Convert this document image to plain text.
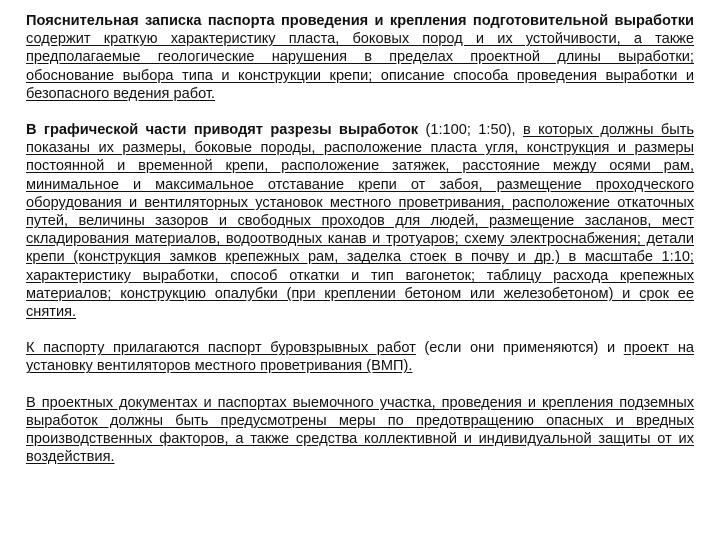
Пояснительная записка паспорта проведения и крепления подготовительной выработки содержит краткую характеристику пласта, боковых пород и их устойчивости, а также предполагаемые геологические нарушения в пределах проектной длины выработки; обоснование выбора типа и конструкции крепи; описание способа проведения выработки и безопасного ведения работ.

В графической части приводят разрезы выработок (1:100; 1:50), в которых должны быть показаны их размеры, боковые породы, расположение пласта угля, конструкция и размеры постоянной и временной крепи, расположение затяжек, расстояние между осями рам, минимальное и максимальное отставание крепи от забоя, размещение проходческого оборудования и вентиляторных установок местного проветривания, расположение откаточных путей, величины зазоров и свободных проходов для людей, размещение засланов, мест складирования материалов, водоотводных канав и тротуаров; схему электроснабжения; детали крепи (конструкция замков крепежных рам, заделка стоек в почву и др.) в масштабе 1:10; характеристику выработки, способ откатки и тип вагонеток; таблицу расхода крепежных материалов; конструкцию опалубки (при креплении бетоном или железобетоном) и срок ее снятия.

К паспорту прилагаются паспорт буровзрывных работ (если они применяются) и проект на установку вентиляторов местного проветривания (ВМП).

В проектных документах и паспортах выемочного участка, проведения и крепления подземных выработок должны быть предусмотрены меры по предотвращению опасных и вредных производственных факторов, а также средства коллективной и индивидуальной защиты от их воздействия.
